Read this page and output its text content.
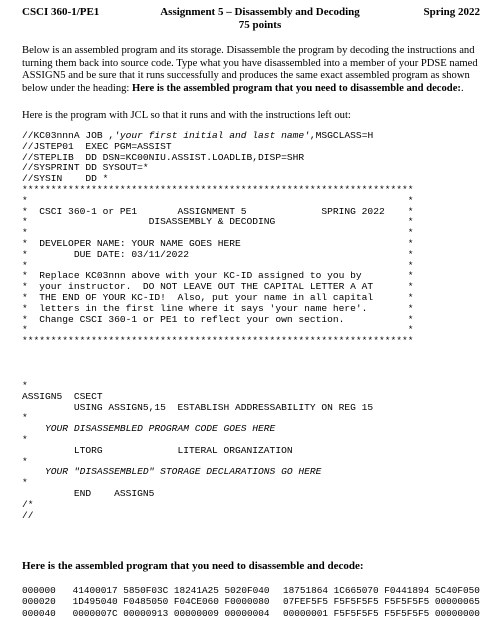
CSCI 360-1/PE1	Assignment 5 – Disassembly and Decoding
75 points
Spring 2022
Below is an assembled program and its storage. Disassemble the program by decoding the instructions and turning them back into source code. Type what you have disassembled into a member of your PDSE named ASSIGN5 and be sure that it runs successfully and produces the same exact assembled program as shown below under the heading: Here is the assembled program that you need to disassemble and decode:.
Here is the program with JCL so that it runs and with the instructions left out:
//KC03nnnA JOB ,'your first initial and last name',MSGCLASS=H
//JSTEP01  EXEC PGM=ASSIST
//STEPLIB  DD DSN=KC00NIU.ASSIST.LOADLIB,DISP=SHR
//SYSPRINT DD SYSOUT=*
//SYSIN    DD *
********************************************************************
*                                                                  *
*  CSCI 360-1 or PE1       ASSIGNMENT 5             SPRING 2022    *
*                     DISASSEMBLY & DECODING                       *
*                                                                  *
*  DEVELOPER NAME: YOUR NAME GOES HERE                             *
*        DUE DATE: 03/11/2022                                      *
*                                                                  *
*  Replace KC03nnn above with your KC-ID assigned to you by        *
*  your instructor.  DO NOT LEAVE OUT THE CAPITAL LETTER A AT      *
*  THE END OF YOUR KC-ID!  Also, put your name in all capital      *
*  letters in the first line where it says 'your name here'.       *
*  Change CSCI 360-1 or PE1 to reflect your own section.           *
*                                                                  *
********************************************************************
*
ASSIGN5  CSECT
USING ASSIGN5,15  ESTABLISH ADDRESSABILITY ON REG 15
*
YOUR DISASSEMBLED PROGRAM CODE GOES HERE
*
LTORG             LITERAL ORGANIZATION
*
YOUR "DISASSEMBLED" STORAGE DECLARATIONS GO HERE
*
END    ASSIGN5
/*
//
Here is the assembled program that you need to disassemble and decode:
000000   41400017 5850F03C 18241A25 5020F040
000020   1D495040 F0485050 F04CE060 F0000080
000040   0000007C 00000913 00000009 00000004
18751864 1C665070 F0441894 5C40F050
07FEF5F5 F5F5F5F5 F5F5F5F5 00000065
00000001 F5F5F5F5 F5F5F5F5 00000000
